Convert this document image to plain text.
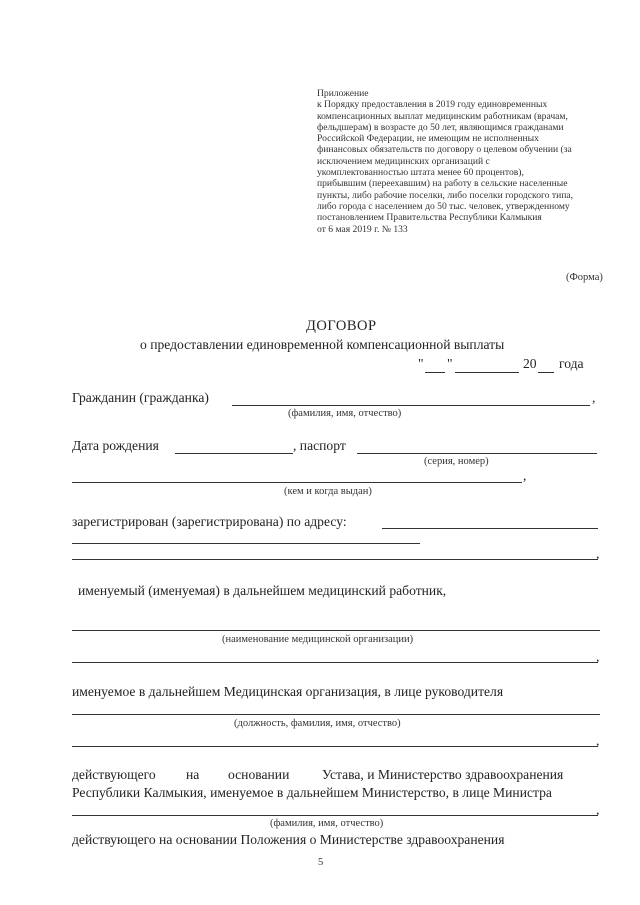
Приложение
к Порядку предоставления в 2019 году единовременных
компенсационных выплат медицинским работникам (врачам,
фельдшерам) в возрасте до 50 лет, являющимся гражданами
Российской Федерации, не имеющим не исполненных
финансовых обязательств по договору о целевом обучении (за
исключением медицинских организаций с
укомплектованностью штата менее 60 процентов),
прибывшим (переехавшим) на работу в сельские населенные
пункты, либо рабочие поселки, либо поселки городского типа,
либо города с населением до 50 тыс. человек, утвержденному
постановлением Правительства Республики Калмыкия
от 6 мая 2019 г. № 133
(Форма)
ДОГОВОР
о предоставлении единовременной компенсационной выплаты
" "	20 года
Гражданин (гражданка)	,
(фамилия, имя, отчество)
Дата рождения	, паспорт
(серия, номер)
,
(кем и когда выдан)
зарегистрирован (зарегистрирована) по адресу:
,
именуемый (именуемая) в дальнейшем медицинский работник,
(наименование медицинской организации)
,
именуемое в дальнейшем Медицинская организация, в лице руководителя
(должность, фамилия, имя, отчество)
,
действующего на основании Устава, и Министерство здравоохранения
Республики Калмыкия, именуемое в дальнейшем Министерство, в лице Министра
,
(фамилия, имя, отчество)
действующего на основании Положения о Министерстве здравоохранения
5
